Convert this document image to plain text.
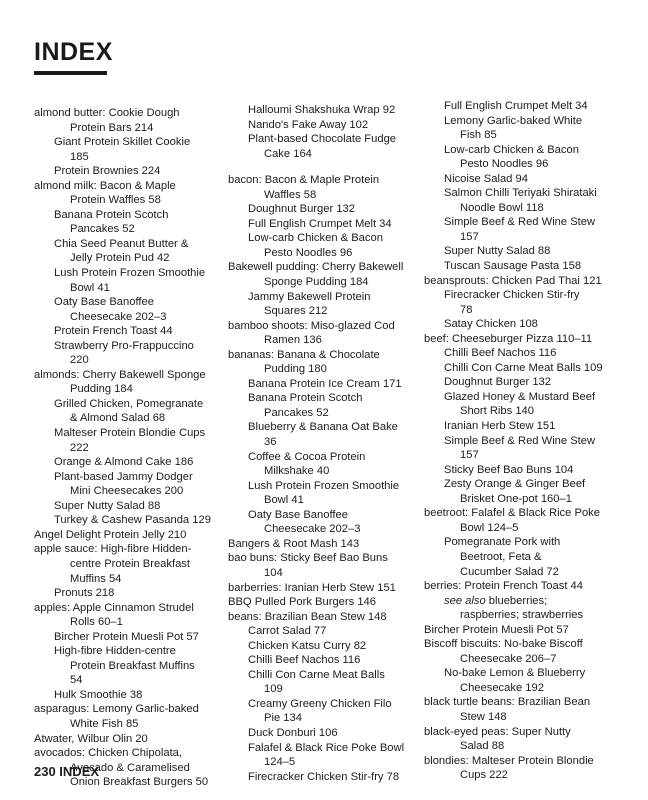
INDEX
almond butter: Cookie Dough
Protein Bars 214
Giant Protein Skillet Cookie
185
Protein Brownies 224
almond milk: Bacon & Maple
Protein Waffles 58
Banana Protein Scotch
Pancakes 52
Chia Seed Peanut Butter &
Jelly Protein Pud 42
Lush Protein Frozen Smoothie
Bowl 41
Oaty Base Banoffee
Cheesecake 202–3
Protein French Toast 44
Strawberry Pro-Frappuccino
220
almonds: Cherry Bakewell Sponge
Pudding 184
Grilled Chicken, Pomegranate
& Almond Salad 68
Malteser Protein Blondie Cups
222
Orange & Almond Cake 186
Plant-based Jammy Dodger
Mini Cheesecakes 200
Super Nutty Salad 88
Turkey & Cashew Pasanda 129
Angel Delight Protein Jelly 210
apple sauce: High-fibre Hidden-
centre Protein Breakfast
Muffins 54
Pronuts 218
apples: Apple Cinnamon Strudel
Rolls 60–1
Bircher Protein Muesli Pot 57
High-fibre Hidden-centre
Protein Breakfast Muffins
54
Hulk Smoothie 38
asparagus: Lemony Garlic-baked
White Fish 85
Atwater, Wilbur Olin 20
avocados: Chicken Chipolata,
Avocado & Caramelised
Onion Breakfast Burgers 50
Halloumi Shakshuka Wrap 92
Nando's Fake Away 102
Plant-based Chocolate Fudge
Cake 164
bacon: Bacon & Maple Protein
Waffles 58
Doughnut Burger 132
Full English Crumpet Melt 34
Low-carb Chicken & Bacon
Pesto Noodles 96
Bakewell pudding: Cherry Bakewell
Sponge Pudding 184
Jammy Bakewell Protein
Squares 212
bamboo shoots: Miso-glazed Cod
Ramen 136
bananas: Banana & Chocolate
Pudding 180
Banana Protein Ice Cream 171
Banana Protein Scotch
Pancakes 52
Blueberry & Banana Oat Bake
36
Coffee & Cocoa Protein
Milkshake 40
Lush Protein Frozen Smoothie
Bowl 41
Oaty Base Banoffee
Cheesecake 202–3
Bangers & Root Mash 143
bao buns: Sticky Beef Bao Buns
104
barberries: Iranian Herb Stew 151
BBQ Pulled Pork Burgers 146
beans: Brazilian Bean Stew 148
Carrot Salad 77
Chicken Katsu Curry 82
Chilli Beef Nachos 116
Chilli Con Carne Meat Balls
109
Creamy Greeny Chicken Filo
Pie 134
Duck Donburi 106
Falafel & Black Rice Poke Bowl
124–5
Firecracker Chicken Stir-fry 78
Full English Crumpet Melt 34
Lemony Garlic-baked White
Fish 85
Low-carb Chicken & Bacon
Pesto Noodles 96
Nicoise Salad 94
Salmon Chilli Teriyaki Shirataki
Noodle Bowl 118
Simple Beef & Red Wine Stew
157
Super Nutty Salad 88
Tuscan Sausage Pasta 158
beansprouts: Chicken Pad Thai 121
Firecracker Chicken Stir-fry
78
Satay Chicken 108
beef: Cheeseburger Pizza 110–11
Chilli Beef Nachos 116
Chilli Con Carne Meat Balls 109
Doughnut Burger 132
Glazed Honey & Mustard Beef
Short Ribs 140
Iranian Herb Stew 151
Simple Beef & Red Wine Stew
157
Sticky Beef Bao Buns 104
Zesty Orange & Ginger Beef
Brisket One-pot 160–1
beetroot: Falafel & Black Rice Poke
Bowl 124–5
Pomegranate Pork with
Beetroot, Feta &
Cucumber Salad 72
berries: Protein French Toast 44
see also blueberries;
raspberries; strawberries
Bircher Protein Muesli Pot 57
Biscoff biscuits: No-bake Biscoff
Cheesecake 206–7
No-bake Lemon & Blueberry
Cheesecake 192
black turtle beans: Brazilian Bean
Stew 148
black-eyed peas: Super Nutty
Salad 88
blondies: Malteser Protein Blondie
Cups 222
230 INDEX
